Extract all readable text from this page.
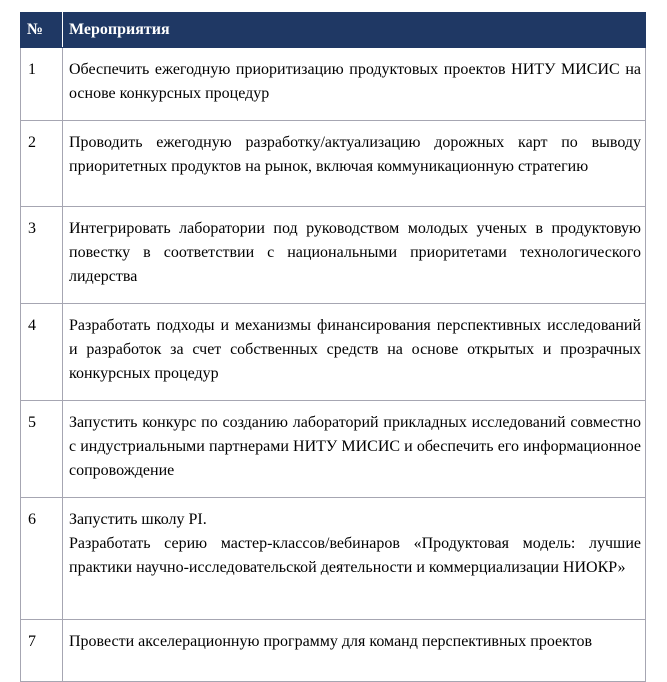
№	Мероприятия
1	Обеспечить ежегодную приоритизацию продуктовых проектов НИТУ МИСИС на основе конкурсных процедур
2	Проводить ежегодную разработку/актуализацию дорожных карт по выводу приоритетных продуктов на рынок, включая коммуникационную стратегию
3	Интегрировать лаборатории под руководством молодых ученых в продуктовую повестку в соответствии с национальными приоритетами технологического лидерства
4	Разработать подходы и механизмы финансирования перспективных исследований и разработок за счет собственных средств на основе открытых и прозрачных конкурсных процедур
5	Запустить конкурс по созданию лабораторий прикладных исследований совместно с индустриальными партнерами НИТУ МИСИС и обеспечить его информационное сопровождение
6	Запустить школу PI.
Разработать серию мастер-классов/вебинаров «Продуктовая модель: лучшие практики научно-исследовательской деятельности и коммерциализации НИОКР»

7	Провести акселерационную программу для команд перспективных проектов
